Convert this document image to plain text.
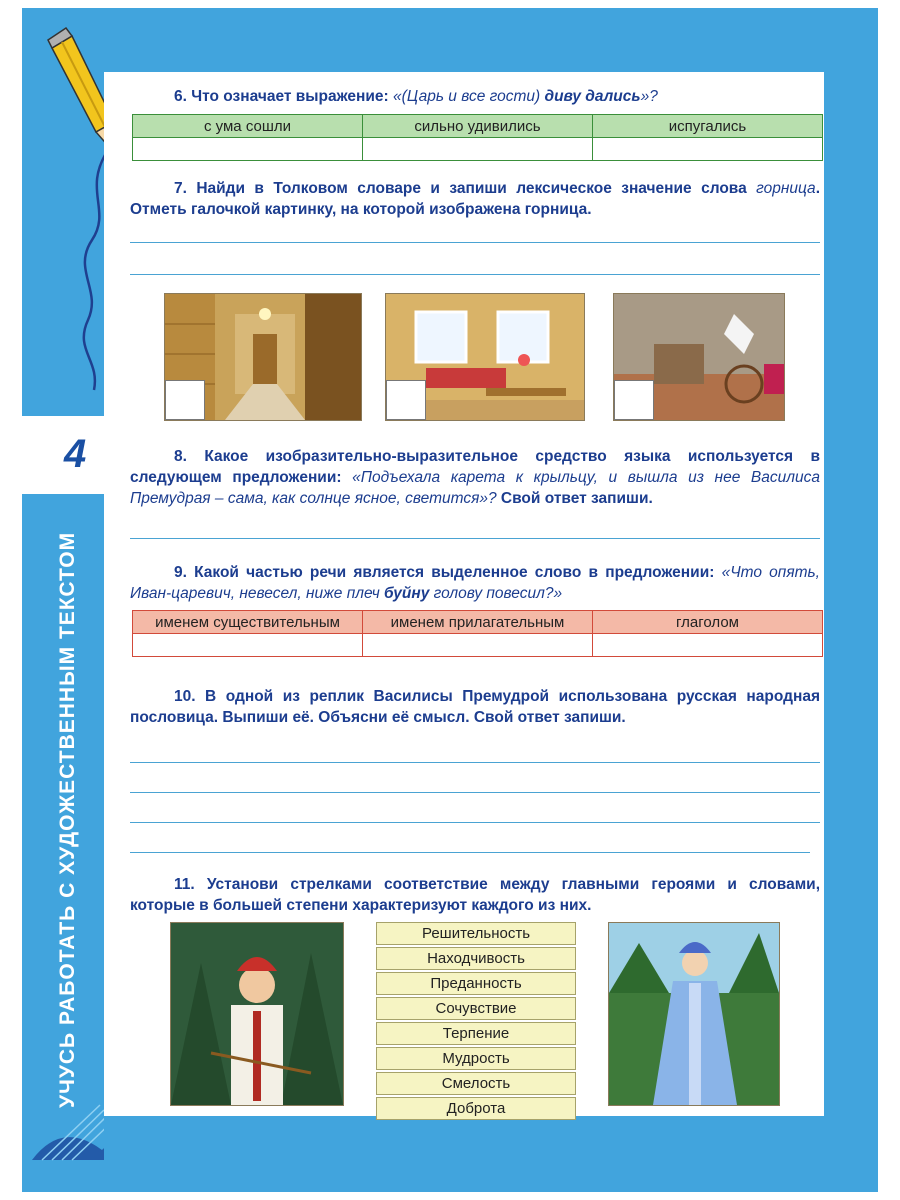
4
УЧУСЬ РАБОТАТЬ С ХУДОЖЕСТВЕННЫМ ТЕКСТОМ
6. Что означает выражение: «(Царь и все гости) диву дались»?
с ума сошли	сильно удивились	испугались

7. Найди в Толковом словаре и запиши лексическое значение слова горница. Отметь галочкой картинку, на которой изображена горница.
8. Какое изобразительно-выразительное средство языка используется в следующем предложении: «Подъехала карета к крыльцу, и вышла из нее Василиса Премудрая – сама, как солнце ясное, светится»? Свой ответ запиши.
9. Какой частью речи является выделенное слово в предложении: «Что опять, Иван-царевич, невесел, ниже плеч буйну голову повесил?»
именем существительным	именем прилагательным	глаголом

10. В одной из реплик Василисы Премудрой использована русская народная пословица. Выпиши её. Объясни её смысл. Свой ответ запиши.
11. Установи стрелками соответствие между главными героями и словами, которые в большей степени характеризуют каждого из них.
Решительность
Находчивость
Преданность
Сочувствие
Терпение
Мудрость
Смелость
Доброта
